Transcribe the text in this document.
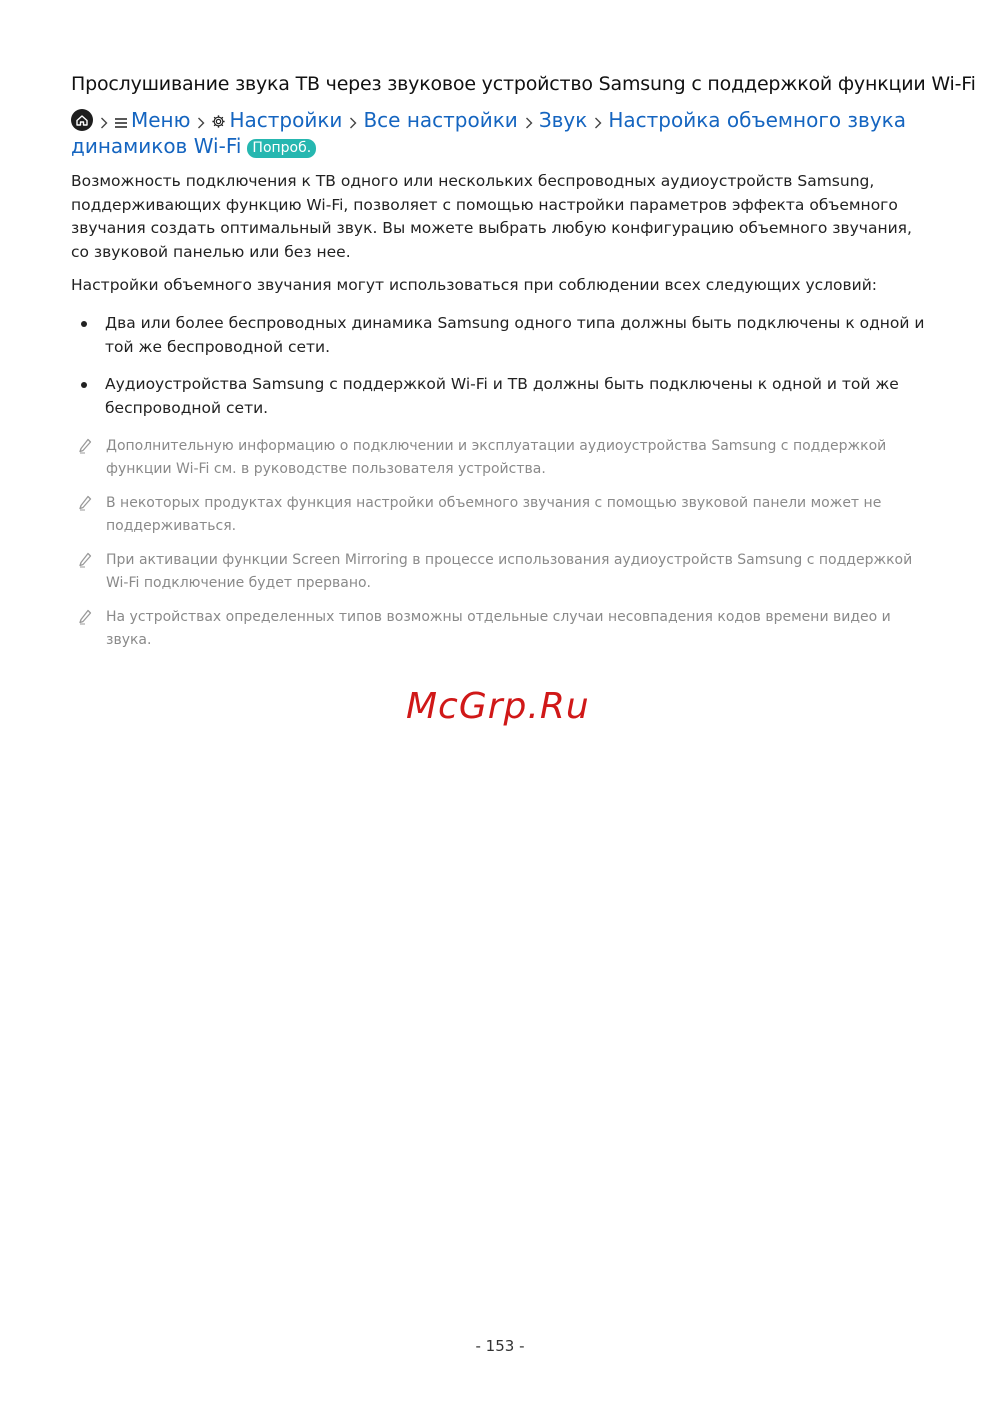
Прослушивание звука ТВ через звуковое устройство Samsung с поддержкой функции Wi-Fi
Меню Настройки Все настройки Звук Настройка объемного звука
динамиков Wi-Fi Попроб.

Возможность подключения к ТВ одного или нескольких беспроводных аудиоустройств Samsung, поддерживающих функцию Wi-Fi, позволяет с помощью настройки параметров эффекта объемного звучания создать оптимальный звук. Вы можете выбрать любую конфигурацию объемного звучания, со звуковой панелью или без нее.

Настройки объемного звучания могут использоваться при соблюдении всех следующих условий:

Два или более беспроводных динамика Samsung одного типа должны быть подключены к одной и той же беспроводной сети.
Аудиоустройства Samsung с поддержкой Wi-Fi и ТВ должны быть подключены к одной и той же беспроводной сети.
Дополнительную информацию о подключении и эксплуатации аудиоустройства Samsung с поддержкой функции Wi-Fi см. в руководстве пользователя устройства.
В некоторых продуктах функция настройки объемного звучания с помощью звуковой панели может не поддерживаться.
При активации функции Screen Mirroring в процессе использования аудиоустройств Samsung с поддержкой Wi-Fi подключение будет прервано.
На устройствах определенных типов возможны отдельные случаи несовпадения кодов времени видео и звука.
McGrp.Ru
- 153 -
